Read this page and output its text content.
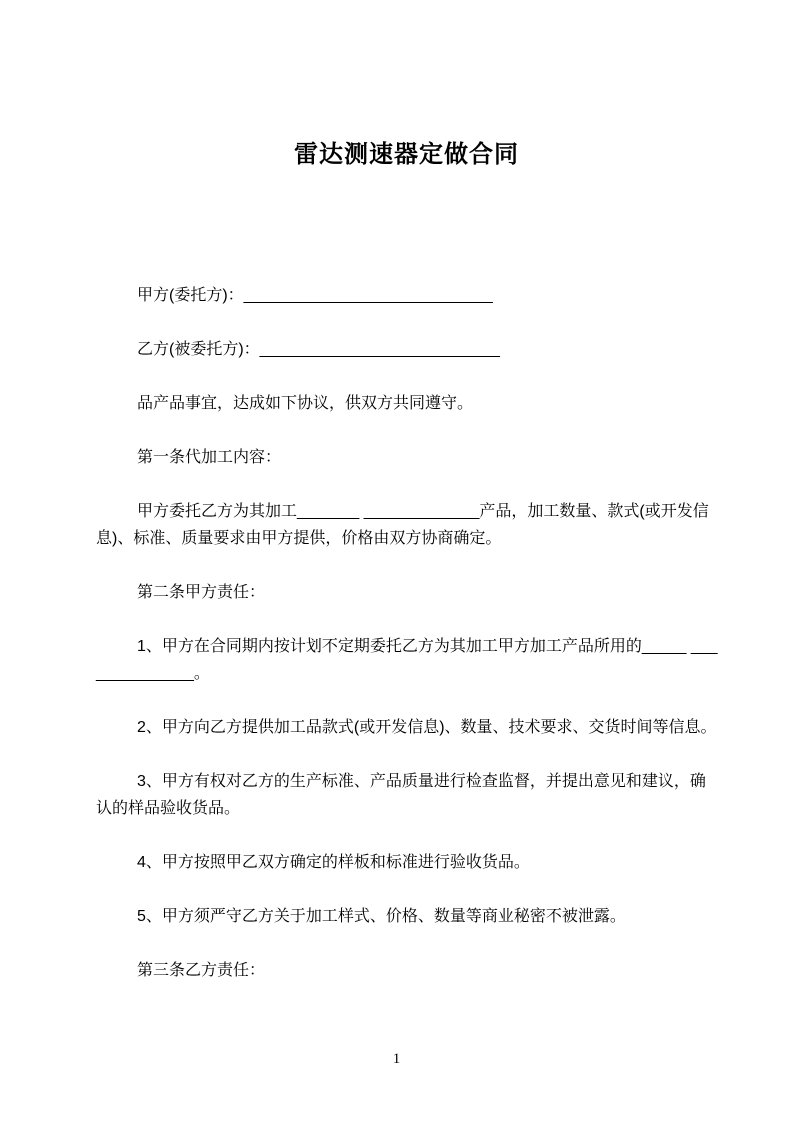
雷达测速器定做合同
甲方(委托方)：____________________________
乙方(被委托方)：___________________________
品产品事宜，达成如下协议，供双方共同遵守。
第一条代加工内容：
甲方委托乙方为其加工_______ _____________产品，加工数量、款式(或开发信
息)、标准、质量要求由甲方提供，价格由双方协商确定。
第二条甲方责任：
1、甲方在合同期内按计划不定期委托乙方为其加工甲方加工产品所用的_____ ___
___________。
2、甲方向乙方提供加工品款式(或开发信息)、数量、技术要求、交货时间等信息。
3、甲方有权对乙方的生产标准、产品质量进行检查监督，并提出意见和建议，确
认的样品验收货品。
4、甲方按照甲乙双方确定的样板和标准进行验收货品。
5、甲方须严守乙方关于加工样式、价格、数量等商业秘密不被泄露。
第三条乙方责任：
1
